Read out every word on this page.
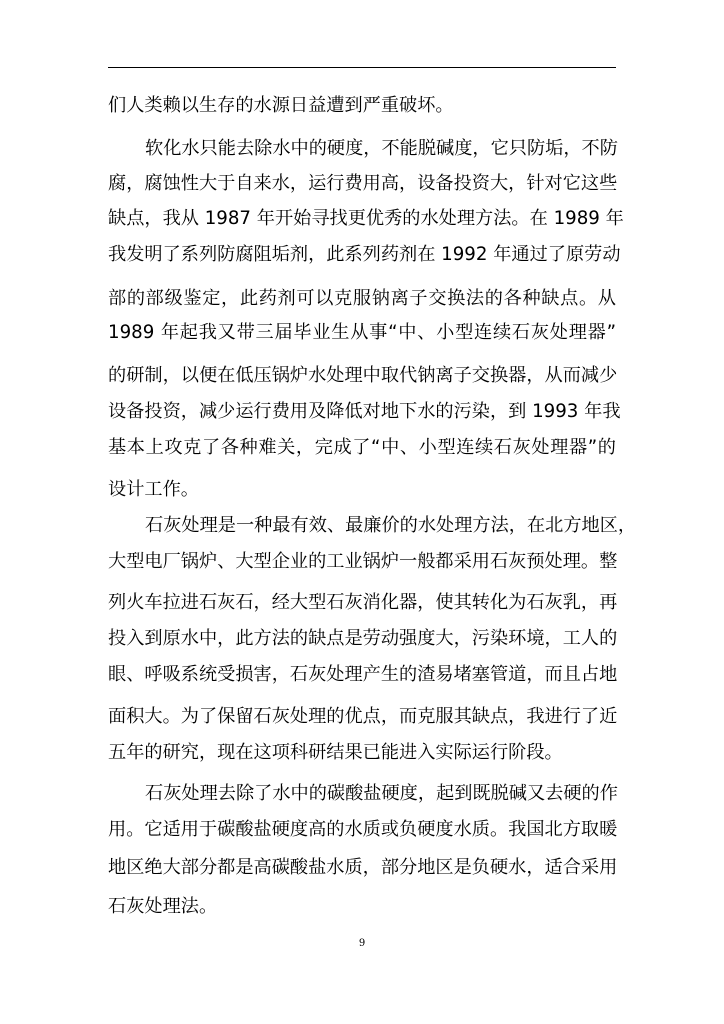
们人类赖以生存的水源日益遭到严重破坏。

软化水只能去除水中的硬度，不能脱碱度，它只防垢，不防

腐，腐蚀性大于自来水，运行费用高，设备投资大，针对它这些

缺点，我从 1987 年开始寻找更优秀的水处理方法。在 1989 年

我发明了系列防腐阻垢剂，此系列药剂在 1992 年通过了原劳动

部的部级鉴定，此药剂可以克服钠离子交换法的各种缺点。从

1989 年起我又带三届毕业生从事“中、小型连续石灰处理器”

的研制，以便在低压锅炉水处理中取代钠离子交换器，从而减少

设备投资，减少运行费用及降低对地下水的污染，到 1993 年我

基本上攻克了各种难关，完成了“中、小型连续石灰处理器”的

设计工作。

石灰处理是一种最有效、最廉价的水处理方法，在北方地区，

大型电厂锅炉、大型企业的工业锅炉一般都采用石灰预处理。整

列火车拉进石灰石，经大型石灰消化器，使其转化为石灰乳，再

投入到原水中，此方法的缺点是劳动强度大，污染环境，工人的

眼、呼吸系统受损害，石灰处理产生的渣易堵塞管道，而且占地

面积大。为了保留石灰处理的优点，而克服其缺点，我进行了近

五年的研究，现在这项科研结果已能进入实际运行阶段。

石灰处理去除了水中的碳酸盐硬度，起到既脱碱又去硬的作

用。它适用于碳酸盐硬度高的水质或负硬度水质。我国北方取暖

地区绝大部分都是高碳酸盐水质，部分地区是负硬水，适合采用

石灰处理法。

9
